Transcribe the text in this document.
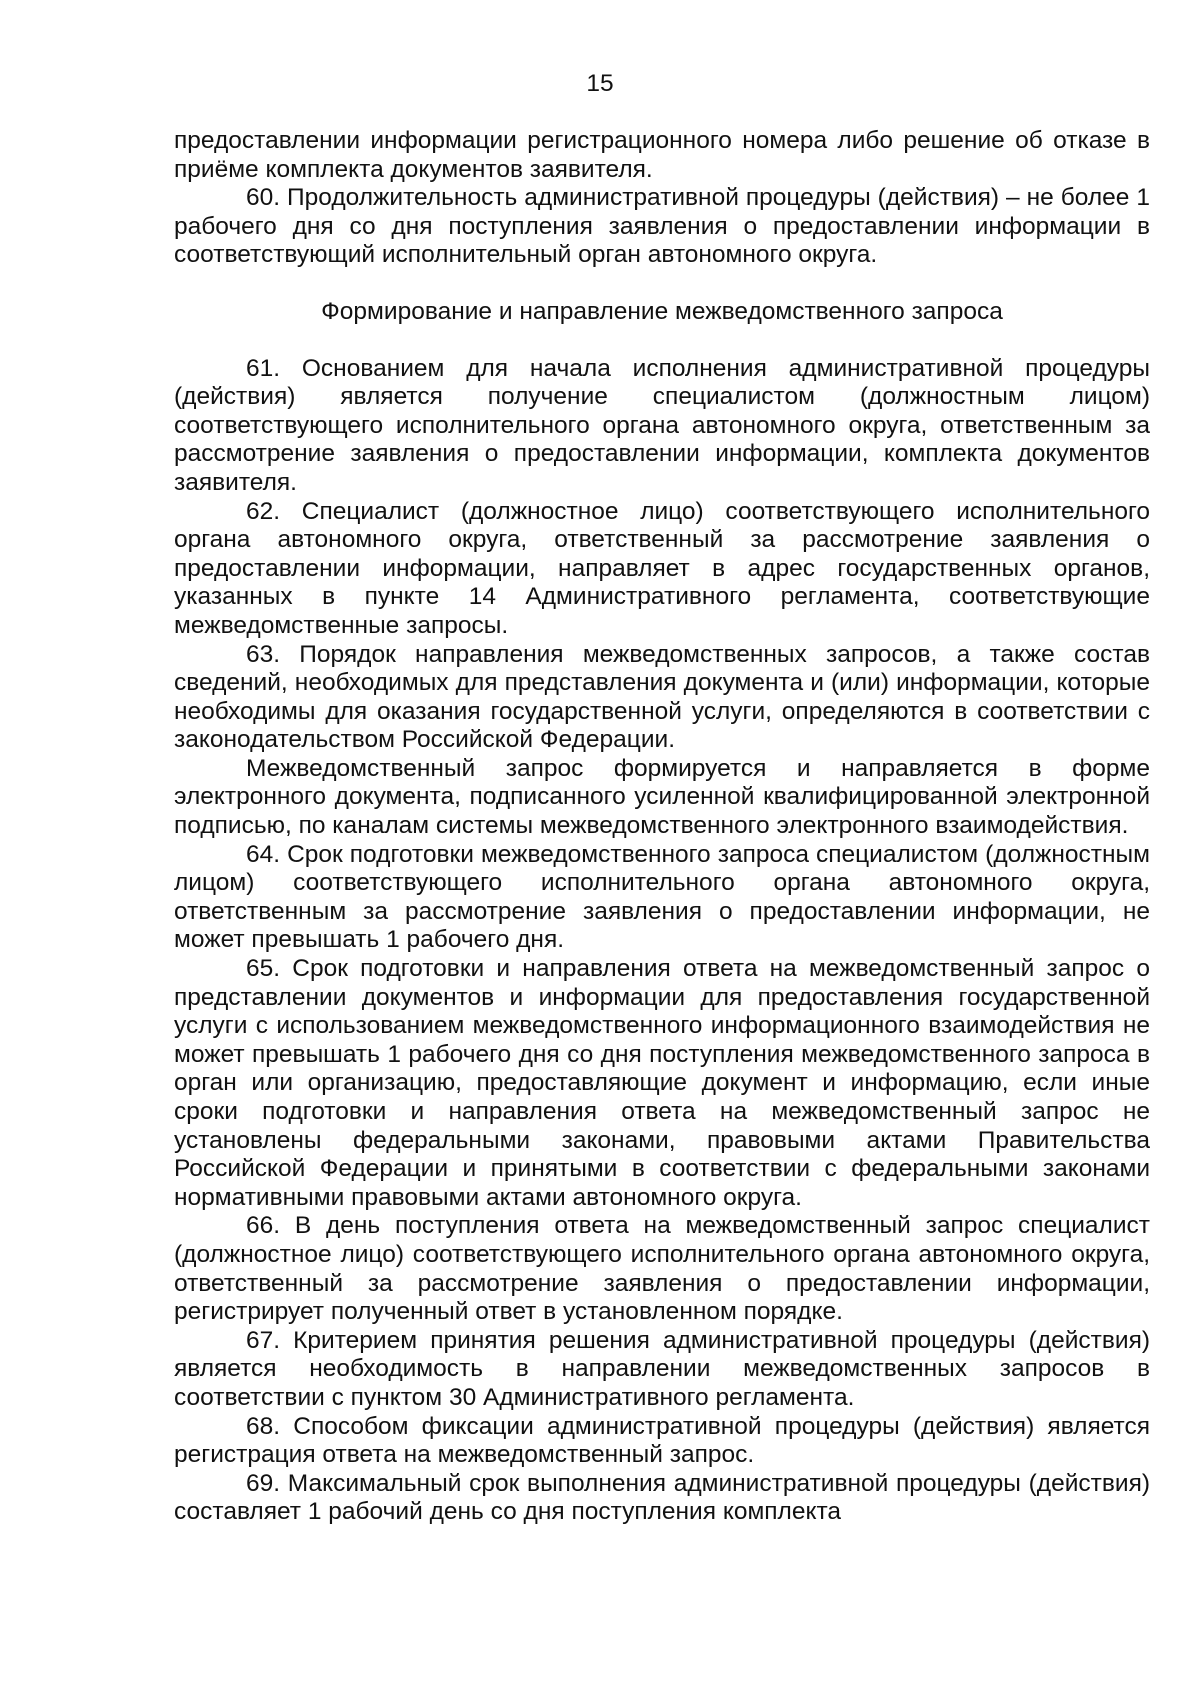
15

предоставлении информации регистрационного номера либо решение об отказе в приёме комплекта документов заявителя.

60. Продолжительность административной процедуры (действия) – не более 1 рабочего дня со дня поступления заявления о предоставлении информации в соответствующий исполнительный орган автономного округа.

Формирование и направление межведомственного запроса

61. Основанием для начала исполнения административной процедуры (действия) является получение специалистом (должностным лицом) соответствующего исполнительного органа автономного округа, ответственным за рассмотрение заявления о предоставлении информации, комплекта документов заявителя.

62. Специалист (должностное лицо) соответствующего исполнительного органа автономного округа, ответственный за рассмотрение заявления о предоставлении информации, направляет в адрес государственных органов, указанных в пункте 14 Административного регламента, соответствующие межведомственные запросы.

63. Порядок направления межведомственных запросов, а также состав сведений, необходимых для представления документа и (или) информации, которые необходимы для оказания государственной услуги, определяются в соответствии с законодательством Российской Федерации.

Межведомственный запрос формируется и направляется в форме электронного документа, подписанного усиленной квалифицированной электронной подписью, по каналам системы межведомственного электронного взаимодействия.

64. Срок подготовки межведомственного запроса специалистом (должностным лицом) соответствующего исполнительного органа автономного округа, ответственным за рассмотрение заявления о предоставлении информации, не может превышать 1 рабочего дня.

65. Срок подготовки и направления ответа на межведомственный запрос о представлении документов и информации для предоставления государственной услуги с использованием межведомственного информационного взаимодействия не может превышать 1 рабочего дня со дня поступления межведомственного запроса в орган или организацию, предоставляющие документ и информацию, если иные сроки подготовки и направления ответа на межведомственный запрос не установлены федеральными законами, правовыми актами Правительства Российской Федерации и принятыми в соответствии с федеральными законами нормативными правовыми актами автономного округа.

66. В день поступления ответа на межведомственный запрос специалист (должностное лицо) соответствующего исполнительного органа автономного округа, ответственный за рассмотрение заявления о предоставлении информации, регистрирует полученный ответ в установленном порядке.

67. Критерием принятия решения административной процедуры (действия) является необходимость в направлении межведомственных запросов в соответствии с пунктом 30 Административного регламента.

68. Способом фиксации административной процедуры (действия) является регистрация ответа на межведомственный запрос.

69. Максимальный срок выполнения административной процедуры (действия) составляет 1 рабочий день со дня поступления комплекта
